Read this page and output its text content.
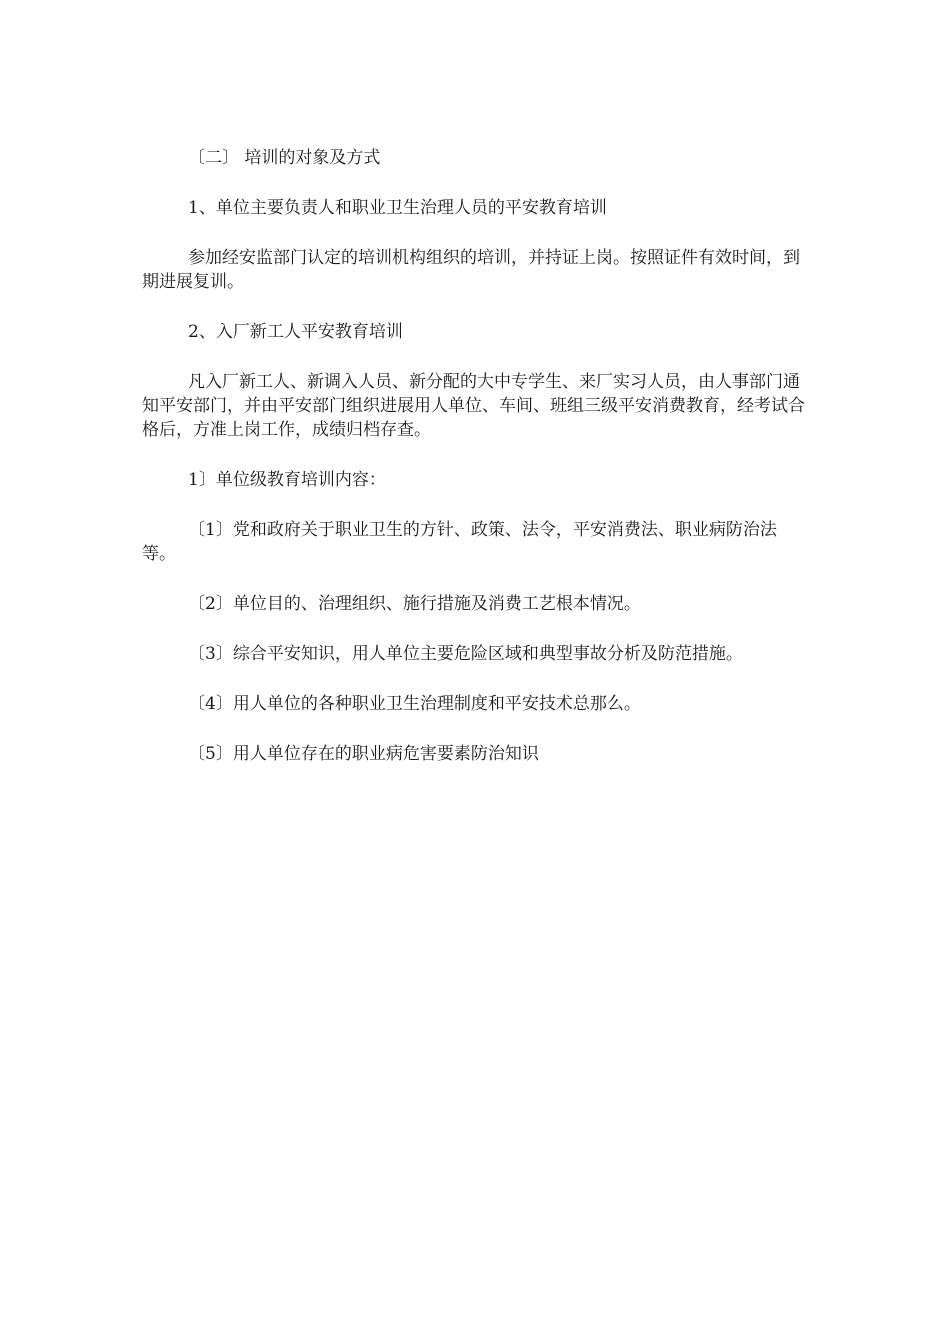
〔二〕 培训的对象及方式

1、单位主要负责人和职业卫生治理人员的平安教育培训

参加经安监部门认定的培训机构组织的培训，并持证上岗。按照证件有效时间，到期进展复训。

2、入厂新工人平安教育培训

凡入厂新工人、新调入人员、新分配的大中专学生、来厂实习人员，由人事部门通知平安部门，并由平安部门组织进展用人单位、车间、班组三级平安消费教育，经考试合格后，方准上岗工作，成绩归档存查。

1〕单位级教育培训内容：

〔1〕党和政府关于职业卫生的方针、政策、法令，平安消费法、职业病防治法等。

〔2〕单位目的、治理组织、施行措施及消费工艺根本情况。

〔3〕综合平安知识，用人单位主要危险区域和典型事故分析及防范措施。

〔4〕用人单位的各种职业卫生治理制度和平安技术总那么。

〔5〕用人单位存在的职业病危害要素防治知识
